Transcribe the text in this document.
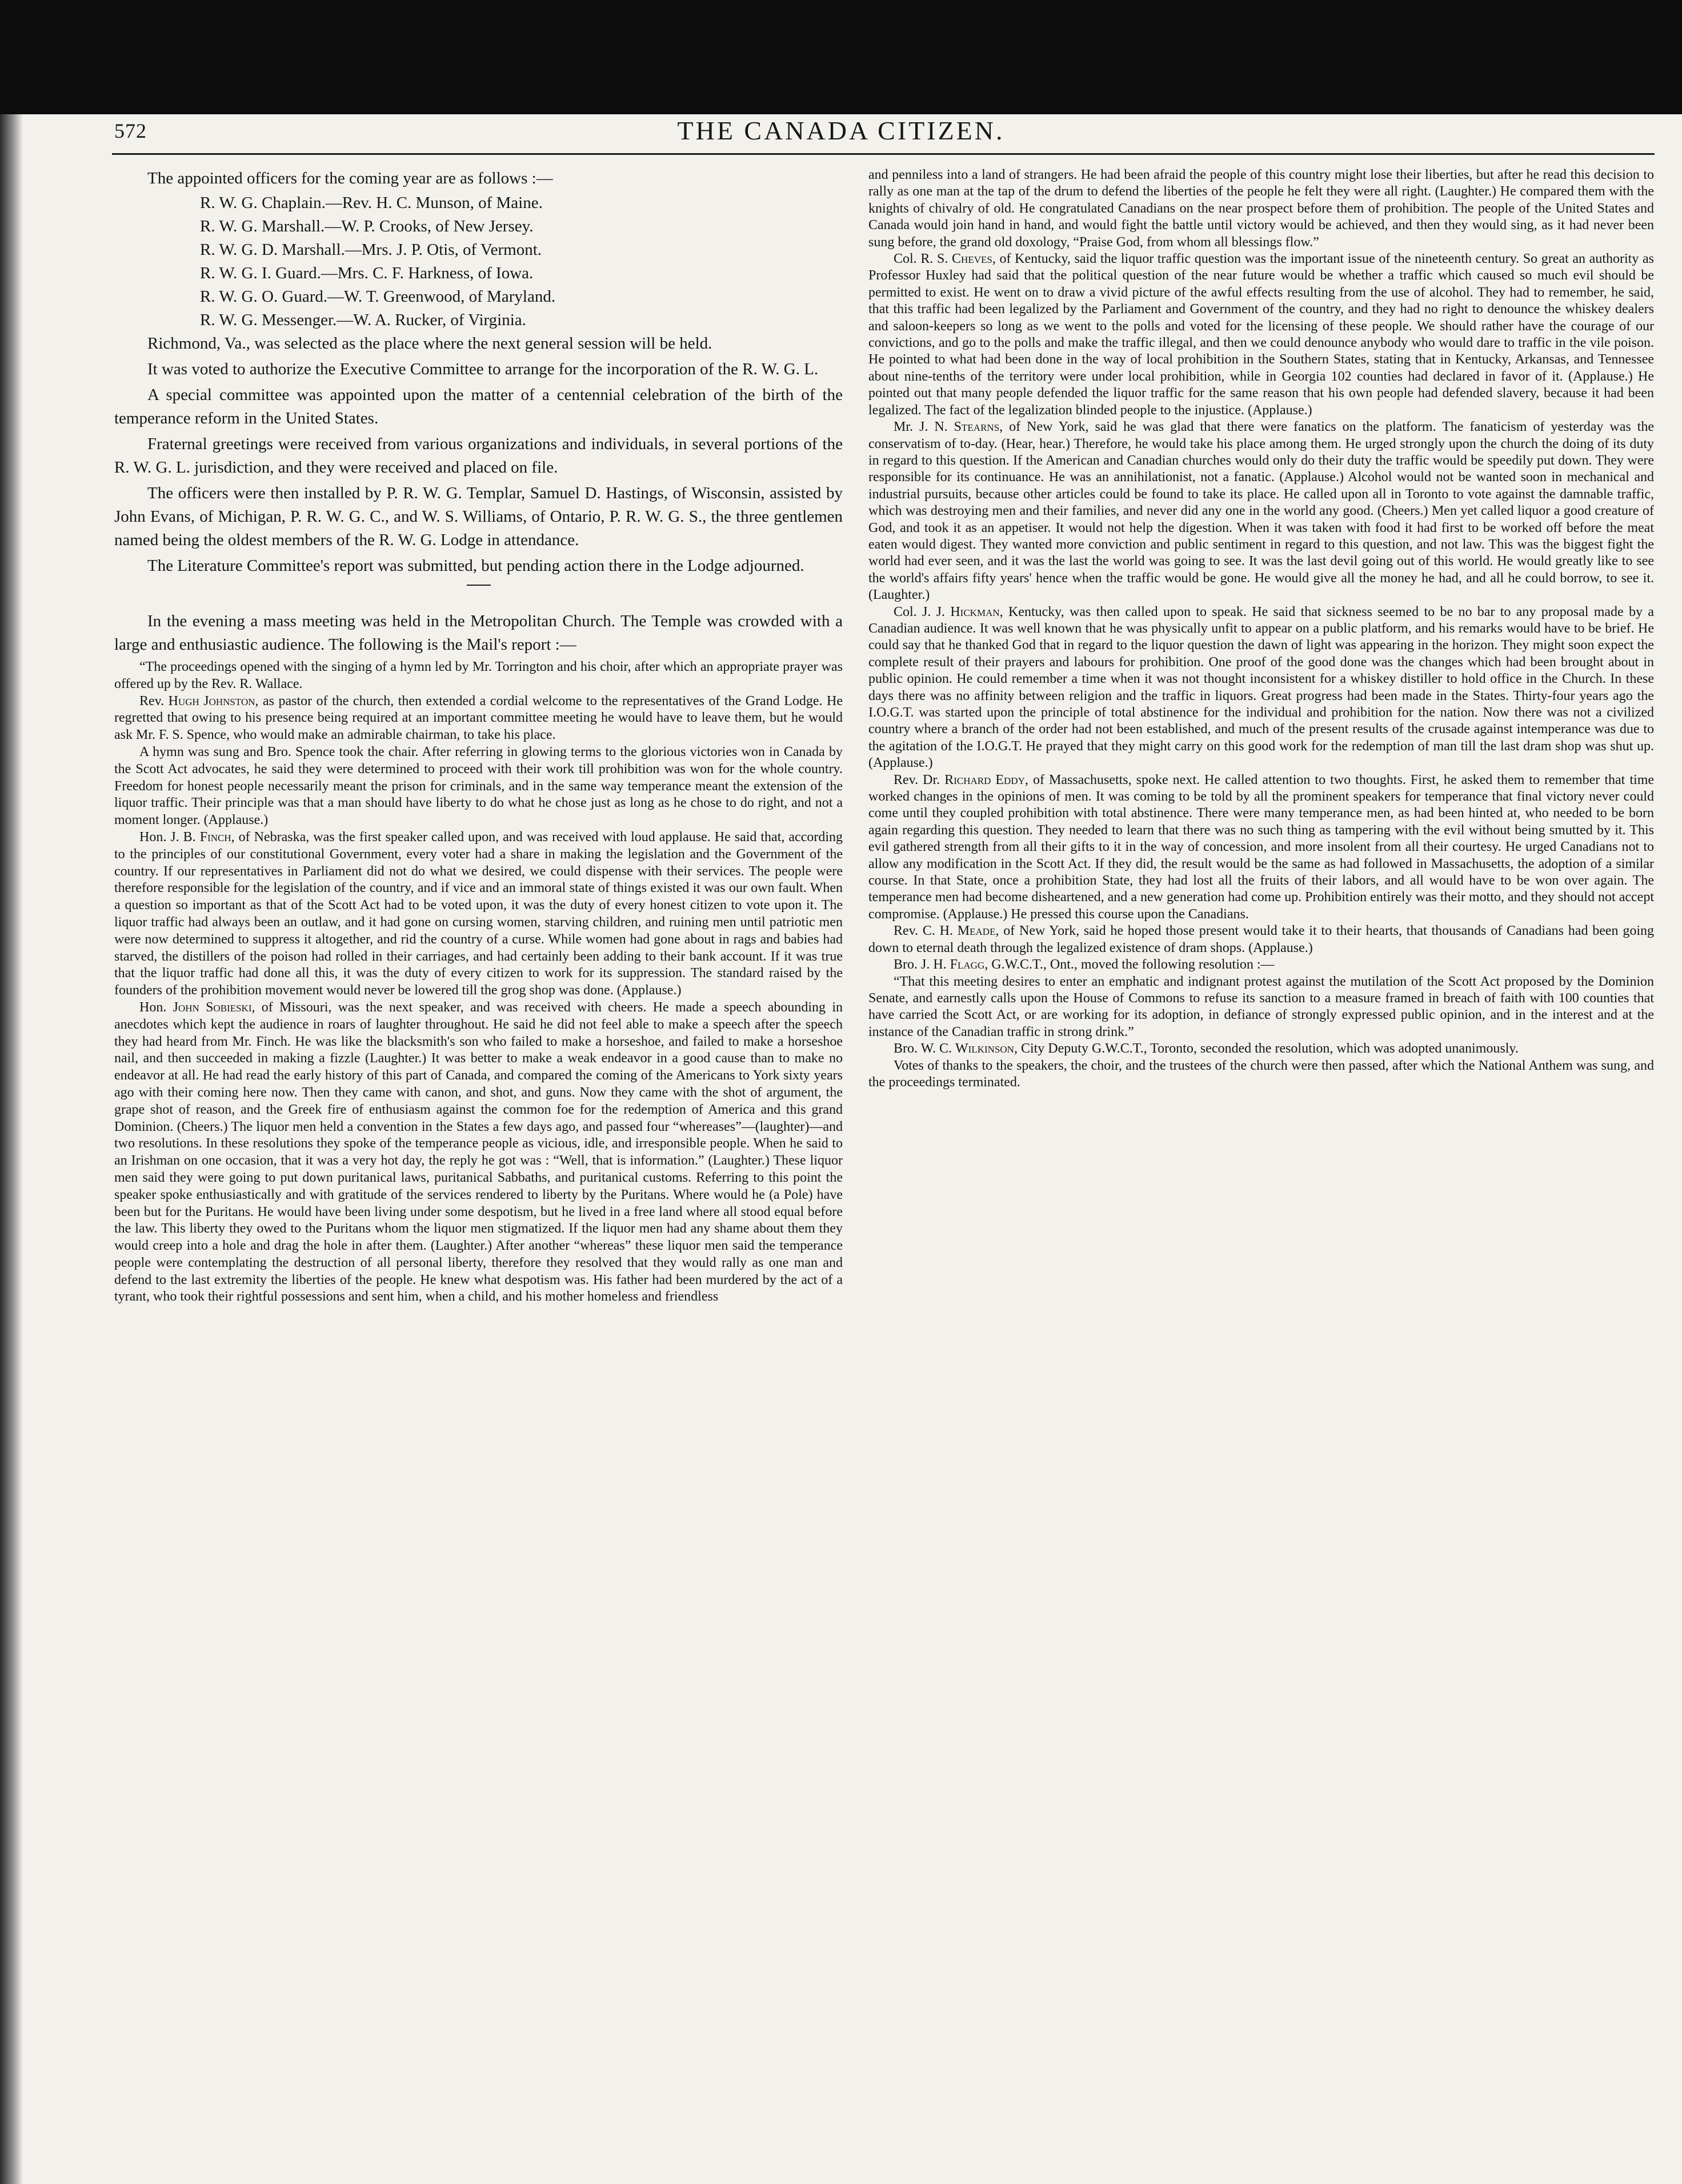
572	THE CANADA CITIZEN.

The appointed officers for the coming year are as follows :—

R. W. G. Chaplain.—Rev. H. C. Munson, of Maine.

R. W. G. Marshall.—W. P. Crooks, of New Jersey.

R. W. G. D. Marshall.—Mrs. J. P. Otis, of Vermont.

R. W. G. I. Guard.—Mrs. C. F. Harkness, of Iowa.

R. W. G. O. Guard.—W. T. Greenwood, of Maryland.

R. W. G. Messenger.—W. A. Rucker, of Virginia.

Richmond, Va., was selected as the place where the next general session will be held.

It was voted to authorize the Executive Committee to arrange for the incorporation of the R. W. G. L.

A special committee was appointed upon the matter of a centennial celebration of the birth of the temperance reform in the United States.

Fraternal greetings were received from various organizations and individuals, in several portions of the R. W. G. L. jurisdiction, and they were received and placed on file.

The officers were then installed by P. R. W. G. Templar, Samuel D. Hastings, of Wisconsin, assisted by John Evans, of Michigan, P. R. W. G. C., and W. S. Williams, of Ontario, P. R. W. G. S., the three gentlemen named being the oldest members of the R. W. G. Lodge in attendance.

The Literature Committee's report was submitted, but pending action there in the Lodge adjourned.

In the evening a mass meeting was held in the Metropolitan Church. The Temple was crowded with a large and enthusiastic audience. The following is the Mail's report :—

“The proceedings opened with the singing of a hymn led by Mr. Torrington and his choir, after which an appropriate prayer was offered up by the Rev. R. Wallace.

Rev. Hugh Johnston, as pastor of the church, then extended a cordial welcome to the representatives of the Grand Lodge. He regretted that owing to his presence being required at an important committee meeting he would have to leave them, but he would ask Mr. F. S. Spence, who would make an admirable chairman, to take his place.

A hymn was sung and Bro. Spence took the chair. After referring in glowing terms to the glorious victories won in Canada by the Scott Act advocates, he said they were determined to proceed with their work till prohibition was won for the whole country. Freedom for honest people necessarily meant the prison for criminals, and in the same way temperance meant the extension of the liquor traffic. Their principle was that a man should have liberty to do what he chose just as long as he chose to do right, and not a moment longer. (Applause.)

Hon. J. B. Finch, of Nebraska, was the first speaker called upon, and was received with loud applause. He said that, according to the principles of our constitutional Government, every voter had a share in making the legislation and the Government of the country. If our representatives in Parliament did not do what we desired, we could dispense with their services. The people were therefore responsible for the legislation of the country, and if vice and an immoral state of things existed it was our own fault. When a question so important as that of the Scott Act had to be voted upon, it was the duty of every honest citizen to vote upon it. The liquor traffic had always been an outlaw, and it had gone on cursing women, starving children, and ruining men until patriotic men were now determined to suppress it altogether, and rid the country of a curse. While women had gone about in rags and babies had starved, the distillers of the poison had rolled in their carriages, and had certainly been adding to their bank account. If it was true that the liquor traffic had done all this, it was the duty of every citizen to work for its suppression. The standard raised by the founders of the prohibition movement would never be lowered till the grog shop was done. (Applause.)

Hon. John Sobieski, of Missouri, was the next speaker, and was received with cheers. He made a speech abounding in anecdotes which kept the audience in roars of laughter throughout. He said he did not feel able to make a speech after the speech they had heard from Mr. Finch. He was like the blacksmith's son who failed to make a horseshoe, and failed to make a horseshoe nail, and then succeeded in making a fizzle (Laughter.) It was better to make a weak endeavor in a good cause than to make no endeavor at all. He had read the early history of this part of Canada, and compared the coming of the Americans to York sixty years ago with their coming here now. Then they came with canon, and shot, and guns. Now they came with the shot of argument, the grape shot of reason, and the Greek fire of enthusiasm against the common foe for the redemption of America and this grand Dominion. (Cheers.) The liquor men held a convention in the States a few days ago, and passed four “whereases”—(laughter)—and two resolutions. In these resolutions they spoke of the temperance people as vicious, idle, and irresponsible people. When he said to an Irishman on one occasion, that it was a very hot day, the reply he got was : “Well, that is information.” (Laughter.) These liquor men said they were going to put down puritanical laws, puritanical Sabbaths, and puritanical customs. Referring to this point the speaker spoke enthusiastically and with gratitude of the services rendered to liberty by the Puritans. Where would he (a Pole) have been but for the Puritans. He would have been living under some despotism, but he lived in a free land where all stood equal before the law. This liberty they owed to the Puritans whom the liquor men stigmatized. If the liquor men had any shame about them they would creep into a hole and drag the hole in after them. (Laughter.) After another “whereas” these liquor men said the temperance people were contemplating the destruction of all personal liberty, therefore they resolved that they would rally as one man and defend to the last extremity the liberties of the people. He knew what despotism was. His father had been murdered by the act of a tyrant, who took their rightful possessions and sent him, when a child, and his mother homeless and friendless

and penniless into a land of strangers. He had been afraid the people of this country might lose their liberties, but after he read this decision to rally as one man at the tap of the drum to defend the liberties of the people he felt they were all right. (Laughter.) He compared them with the knights of chivalry of old. He congratulated Canadians on the near prospect before them of prohibition. The people of the United States and Canada would join hand in hand, and would fight the battle until victory would be achieved, and then they would sing, as it had never been sung before, the grand old doxology, “Praise God, from whom all blessings flow.”

Col. R. S. Cheves, of Kentucky, said the liquor traffic question was the important issue of the nineteenth century. So great an authority as Professor Huxley had said that the political question of the near future would be whether a traffic which caused so much evil should be permitted to exist. He went on to draw a vivid picture of the awful effects resulting from the use of alcohol. They had to remember, he said, that this traffic had been legalized by the Parliament and Government of the country, and they had no right to denounce the whiskey dealers and saloon-keepers so long as we went to the polls and voted for the licensing of these people. We should rather have the courage of our convictions, and go to the polls and make the traffic illegal, and then we could denounce anybody who would dare to traffic in the vile poison. He pointed to what had been done in the way of local prohibition in the Southern States, stating that in Kentucky, Arkansas, and Tennessee about nine-tenths of the territory were under local prohibition, while in Georgia 102 counties had declared in favor of it. (Applause.) He pointed out that many people defended the liquor traffic for the same reason that his own people had defended slavery, because it had been legalized. The fact of the legalization blinded people to the injustice. (Applause.)

Mr. J. N. Stearns, of New York, said he was glad that there were fanatics on the platform. The fanaticism of yesterday was the conservatism of to-day. (Hear, hear.) Therefore, he would take his place among them. He urged strongly upon the church the doing of its duty in regard to this question. If the American and Canadian churches would only do their duty the traffic would be speedily put down. They were responsible for its continuance. He was an annihilationist, not a fanatic. (Applause.) Alcohol would not be wanted soon in mechanical and industrial pursuits, because other articles could be found to take its place. He called upon all in Toronto to vote against the damnable traffic, which was destroying men and their families, and never did any one in the world any good. (Cheers.) Men yet called liquor a good creature of God, and took it as an appetiser. It would not help the digestion. When it was taken with food it had first to be worked off before the meat eaten would digest. They wanted more conviction and public sentiment in regard to this question, and not law. This was the biggest fight the world had ever seen, and it was the last the world was going to see. It was the last devil going out of this world. He would greatly like to see the world's affairs fifty years' hence when the traffic would be gone. He would give all the money he had, and all he could borrow, to see it. (Laughter.)

Col. J. J. Hickman, Kentucky, was then called upon to speak. He said that sickness seemed to be no bar to any proposal made by a Canadian audience. It was well known that he was physically unfit to appear on a public platform, and his remarks would have to be brief. He could say that he thanked God that in regard to the liquor question the dawn of light was appearing in the horizon. They might soon expect the complete result of their prayers and labours for prohibition. One proof of the good done was the changes which had been brought about in public opinion. He could remember a time when it was not thought inconsistent for a whiskey distiller to hold office in the Church. In these days there was no affinity between religion and the traffic in liquors. Great progress had been made in the States. Thirty-four years ago the I.O.G.T. was started upon the principle of total abstinence for the individual and prohibition for the nation. Now there was not a civilized country where a branch of the order had not been established, and much of the present results of the crusade against intemperance was due to the agitation of the I.O.G.T. He prayed that they might carry on this good work for the redemption of man till the last dram shop was shut up. (Applause.)

Rev. Dr. Richard Eddy, of Massachusetts, spoke next. He called attention to two thoughts. First, he asked them to remember that time worked changes in the opinions of men. It was coming to be told by all the prominent speakers for temperance that final victory never could come until they coupled prohibition with total abstinence. There were many temperance men, as had been hinted at, who needed to be born again regarding this question. They needed to learn that there was no such thing as tampering with the evil without being smutted by it. This evil gathered strength from all their gifts to it in the way of concession, and more insolent from all their courtesy. He urged Canadians not to allow any modification in the Scott Act. If they did, the result would be the same as had followed in Massachusetts, the adoption of a similar course. In that State, once a prohibition State, they had lost all the fruits of their labors, and all would have to be won over again. The temperance men had become disheartened, and a new generation had come up. Prohibition entirely was their motto, and they should not accept compromise. (Applause.) He pressed this course upon the Canadians.

Rev. C. H. Meade, of New York, said he hoped those present would take it to their hearts, that thousands of Canadians had been going down to eternal death through the legalized existence of dram shops. (Applause.)

Bro. J. H. Flagg, G.W.C.T., Ont., moved the following resolution :—

“That this meeting desires to enter an emphatic and indignant protest against the mutilation of the Scott Act proposed by the Dominion Senate, and earnestly calls upon the House of Commons to refuse its sanction to a measure framed in breach of faith with 100 counties that have carried the Scott Act, or are working for its adoption, in defiance of strongly expressed public opinion, and in the interest and at the instance of the Canadian traffic in strong drink.”

Bro. W. C. Wilkinson, City Deputy G.W.C.T., Toronto, seconded the resolution, which was adopted unanimously.

Votes of thanks to the speakers, the choir, and the trustees of the church were then passed, after which the National Anthem was sung, and the proceedings terminated.
